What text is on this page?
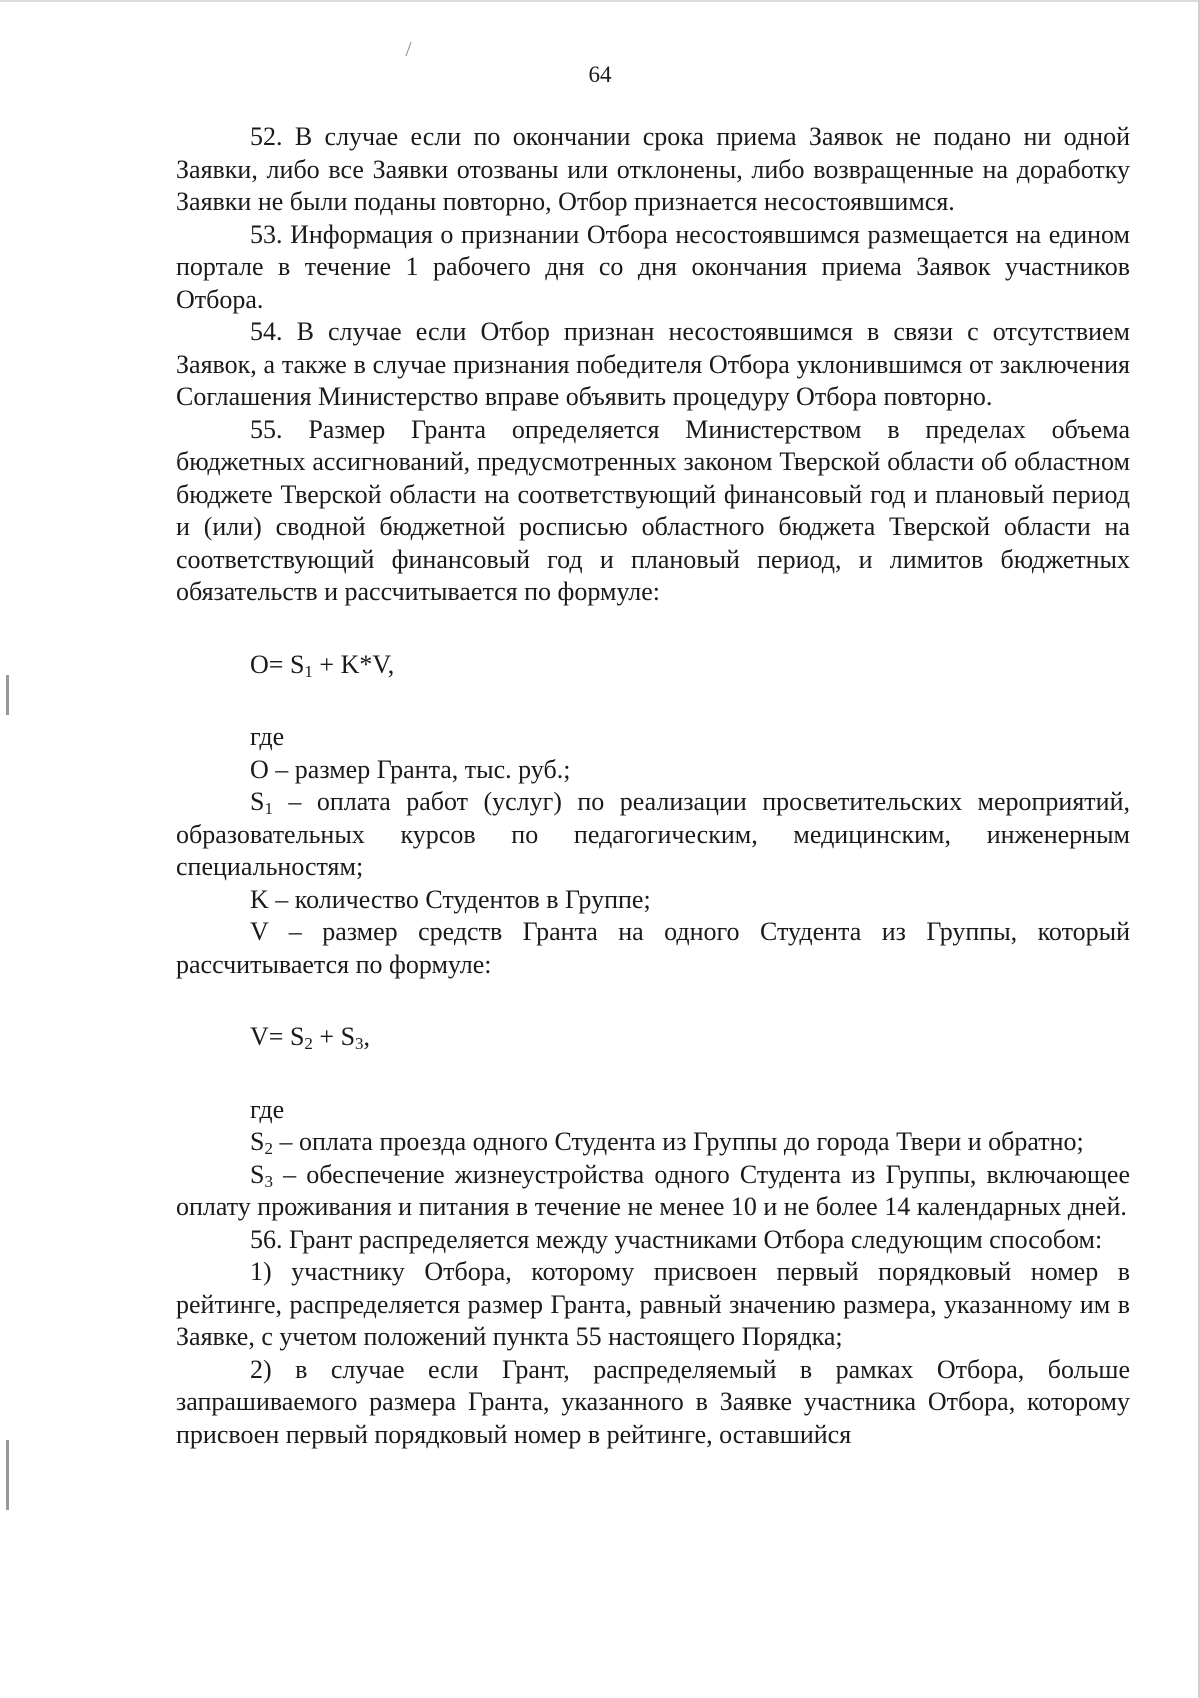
64

52. В случае если по окончании срока приема Заявок не подано ни одной Заявки, либо все Заявки отозваны или отклонены, либо возвращенные на доработку Заявки не были поданы повторно, Отбор признается несостоявшимся.

53. Информация о признании Отбора несостоявшимся размещается на едином портале в течение 1 рабочего дня со дня окончания приема Заявок участников Отбора.

54. В случае если Отбор признан несостоявшимся в связи с отсутствием Заявок, а также в случае признания победителя Отбора уклонившимся от заключения Соглашения Министерство вправе объявить процедуру Отбора повторно.

55. Размер Гранта определяется Министерством в пределах объема бюджетных ассигнований, предусмотренных законом Тверской области об областном бюджете Тверской области на соответствующий финансовый год и плановый период и (или) сводной бюджетной росписью областного бюджета Тверской области на соответствующий финансовый год и плановый период, и лимитов бюджетных обязательств и рассчитывается по формуле:

$O= S_1 + K*V$,

где

O – размер Гранта, тыс. руб.;

$S_1$ – оплата работ (услуг) по реализации просветительских мероприятий, образовательных курсов по педагогическим, медицинским, инженерным специальностям;

K – количество Студентов в Группе;

V – размер средств Гранта на одного Студента из Группы, который рассчитывается по формуле:

$V= S_2 + S_3$,

где

$S_2$ – оплата проезда одного Студента из Группы до города Твери и обратно;

$S_3$ – обеспечение жизнеустройства одного Студента из Группы, включающее оплату проживания и питания в течение не менее 10 и не более 14 календарных дней.

56. Грант распределяется между участниками Отбора следующим способом:

1) участнику Отбора, которому присвоен первый порядковый номер в рейтинге, распределяется размер Гранта, равный значению размера, указанному им в Заявке, с учетом положений пункта 55 настоящего Порядка;

2) в случае если Грант, распределяемый в рамках Отбора, больше запрашиваемого размера Гранта, указанного в Заявке участника Отбора, которому присвоен первый порядковый номер в рейтинге, оставшийся
